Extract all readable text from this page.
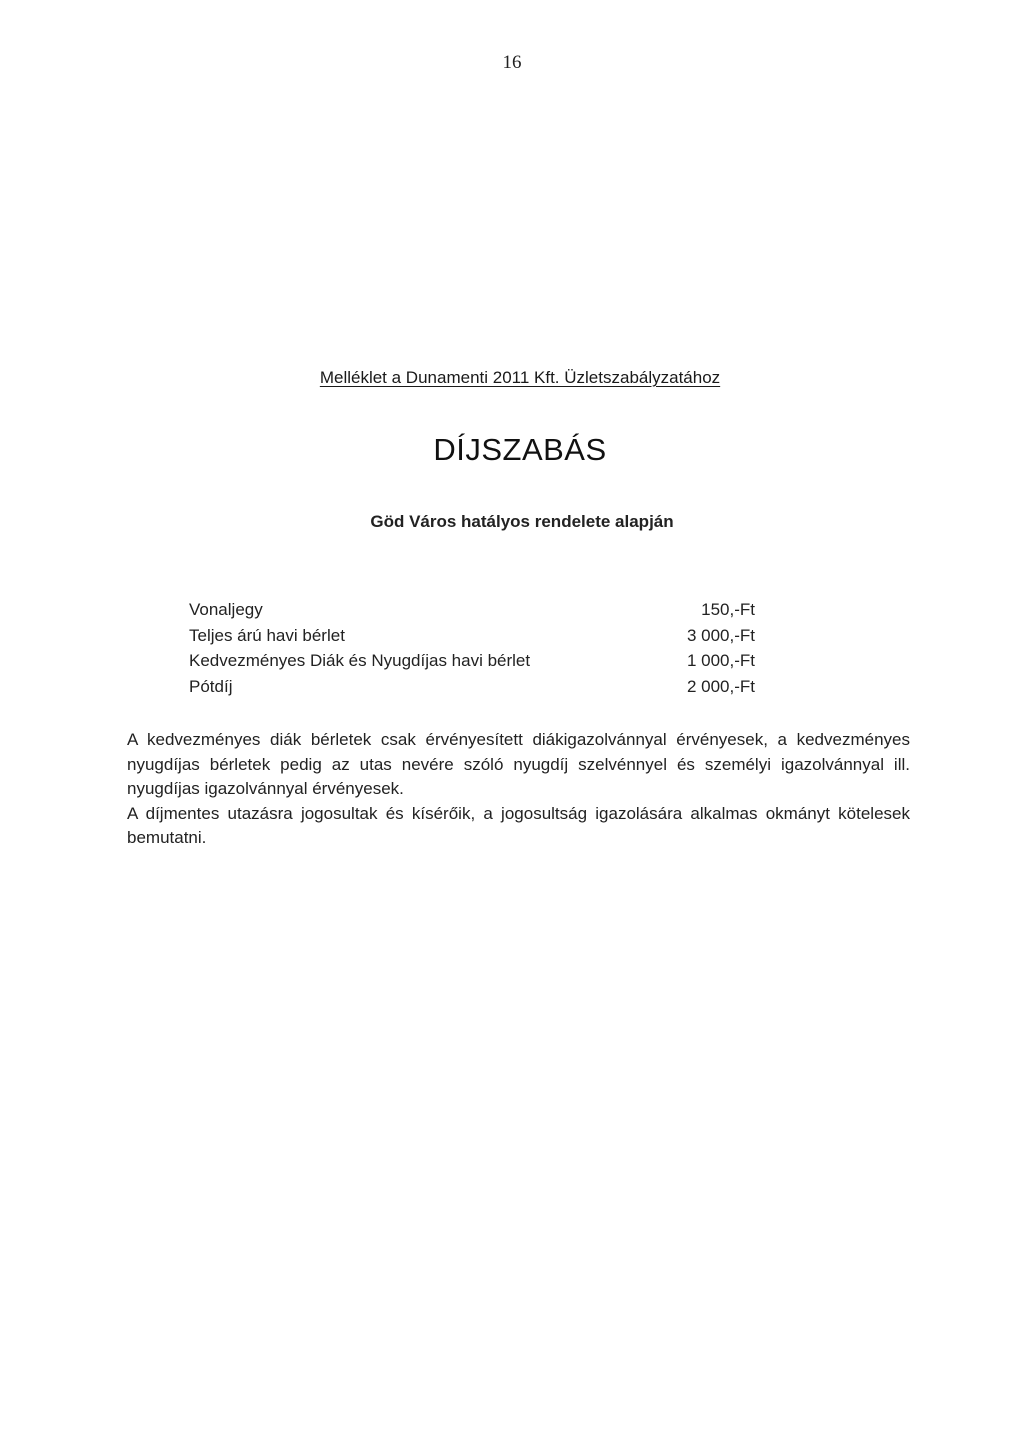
16
Melléklet a Dunamenti 2011 Kft. Üzletszabályzatához
DÍJSZABÁS
Göd Város hatályos rendelete alapján
Vonaljegy	150,-Ft
Teljes árú havi bérlet	3 000,-Ft
Kedvezményes Diák és Nyugdíjas havi bérlet	1 000,-Ft
Pótdíj	2 000,-Ft

A kedvezményes diák bérletek csak érvényesített diákigazolvánnyal érvényesek, a kedvezményes nyugdíjas bérletek pedig az utas nevére szóló nyugdíj szelvénnyel és személyi igazolvánnyal ill. nyugdíjas igazolvánnyal érvényesek.

A díjmentes utazásra jogosultak és kísérőik, a jogosultság igazolására alkalmas okmányt kötelesek bemutatni.
